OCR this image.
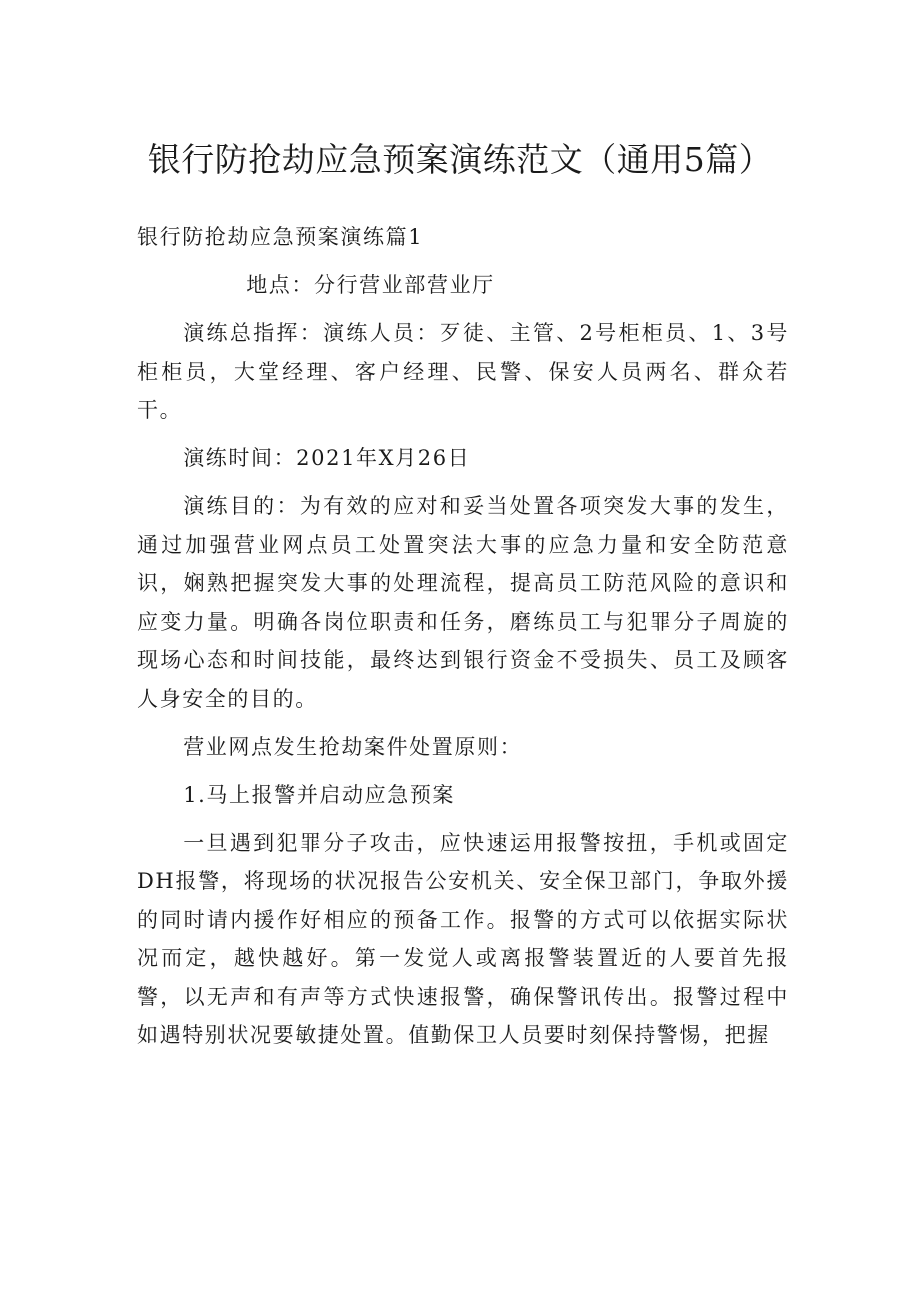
银行防抢劫应急预案演练范文（通用5篇）

银行防抢劫应急预案演练篇1

地点：分行营业部营业厅

演练总指挥：演练人员：歹徒、主管、2号柜柜员、1、3号柜柜员，大堂经理、客户经理、民警、保安人员两名、群众若干。

演练时间：2021年X月26日

演练目的：为有效的应对和妥当处置各项突发大事的发生，通过加强营业网点员工处置突法大事的应急力量和安全防范意识，娴熟把握突发大事的处理流程，提高员工防范风险的意识和应变力量。明确各岗位职责和任务，磨练员工与犯罪分子周旋的现场心态和时间技能，最终达到银行资金不受损失、员工及顾客人身安全的目的。

营业网点发生抢劫案件处置原则：

1.马上报警并启动应急预案

一旦遇到犯罪分子攻击，应快速运用报警按扭，手机或固定DH报警，将现场的状况报告公安机关、安全保卫部门，争取外援的同时请内援作好相应的预备工作。报警的方式可以依据实际状况而定，越快越好。第一发觉人或离报警装置近的人要首先报警，以无声和有声等方式快速报警，确保警讯传出。报警过程中如遇特别状况要敏捷处置。值勤保卫人员要时刻保持警惕，把握
